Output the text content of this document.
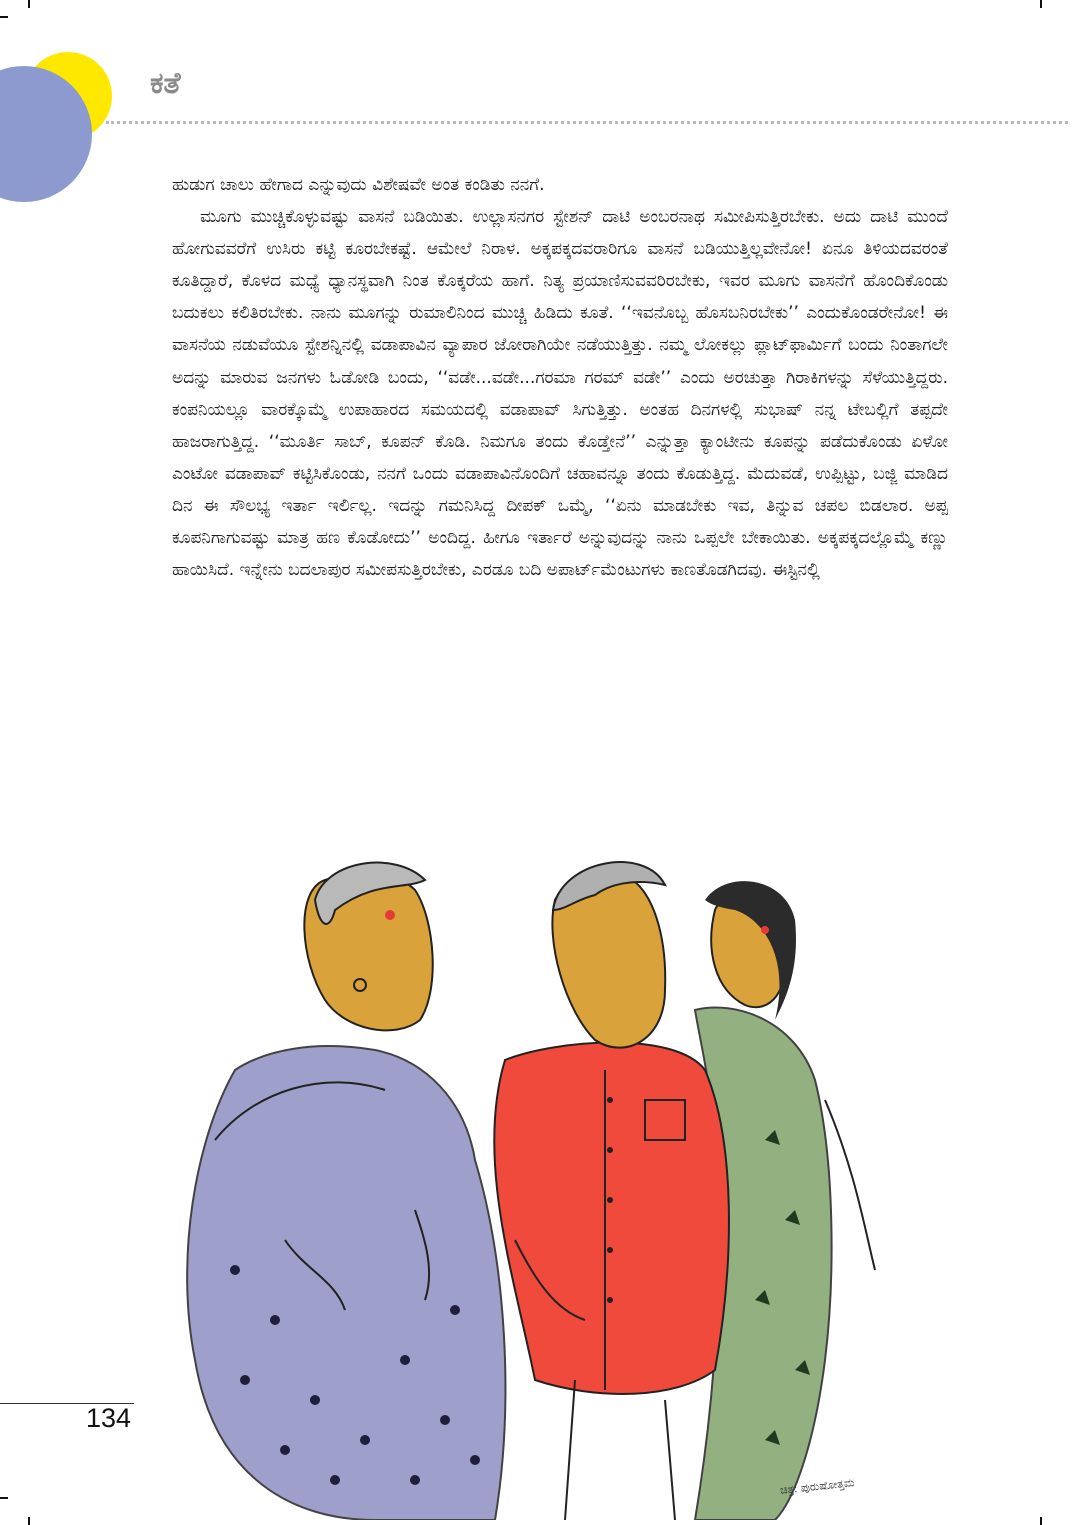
ಕತೆ

ಹುಡುಗ ಚಾಲು ಹೇಗಾದ ಎನ್ನುವುದು ವಿಶೇಷವೇ ಅಂತ ಕಂಡಿತು ನನಗೆ.

ಮೂಗು ಮುಚ್ಚಿಕೊಳ್ಳುವಷ್ಟು ವಾಸನೆ ಬಡಿಯಿತು. ಉಲ್ಲಾಸನಗರ ಸ್ಟೇಶನ್ ದಾಟಿ ಅಂಬರನಾಥ ಸಮೀಪಿಸುತ್ತಿರಬೇಕು. ಅದು ದಾಟಿ ಮುಂದೆ ಹೋಗುವವರೆಗೆ ಉಸಿರು ಕಟ್ಟಿ ಕೂರಬೇಕಷ್ಟೆ. ಆಮೇಲೆ ನಿರಾಳ. ಅಕ್ಕಪಕ್ಕದವರಾರಿಗೂ ವಾಸನೆ ಬಡಿಯುತ್ತಿಲ್ಲವೇನೋ! ಏನೂ ತಿಳಿಯದವರಂತೆ ಕೂತಿದ್ದಾರೆ, ಕೊಳದ ಮಧ್ಯೆ ಧ್ಯಾನಸ್ಥವಾಗಿ ನಿಂತ ಕೊಕ್ಕರೆಯ ಹಾಗೆ. ನಿತ್ಯ ಪ್ರಯಾಣಿಸುವವರಿರಬೇಕು, ಇವರ ಮೂಗು ವಾಸನೆಗೆ ಹೊಂದಿಕೊಂಡು ಬದುಕಲು ಕಲಿತಿರಬೇಕು. ನಾನು ಮೂಗನ್ನು ರುಮಾಲಿನಿಂದ ಮುಚ್ಚಿ ಹಿಡಿದು ಕೂತೆ. ‘‘ಇವನೊಬ್ಬ ಹೊಸಬನಿರಬೇಕು’’ ಎಂದುಕೊಂಡರೇನೋ! ಈ ವಾಸನೆಯ ನಡುವೆಯೂ ಸ್ಟೇಶನ್ನಿನಲ್ಲಿ ವಡಾಪಾವಿನ ವ್ಯಾಪಾರ ಜೋರಾಗಿಯೇ ನಡೆಯುತ್ತಿತ್ತು. ನಮ್ಮ ಲೋಕಲ್ಲು ಪ್ಲಾಟ್‌ಫಾರ್ಮಿಗೆ ಬಂದು ನಿಂತಾಗಲೇ ಅದನ್ನು ಮಾರುವ ಜನಗಳು ಓಡೋಡಿ ಬಂದು, ‘‘ವಡೇ...ವಡೇ...ಗರಮಾ ಗರಮ್ ವಡೇ’’ ಎಂದು ಅರಚುತ್ತಾ ಗಿರಾಕಿಗಳನ್ನು ಸೆಳೆಯುತ್ತಿದ್ದರು. ಕಂಪನಿಯಲ್ಲೂ ವಾರಕ್ಕೊಮ್ಮೆ ಉಪಾಹಾರದ ಸಮಯದಲ್ಲಿ ವಡಾಪಾವ್ ಸಿಗುತ್ತಿತ್ತು. ಅಂತಹ ದಿನಗಳಲ್ಲಿ ಸುಭಾಷ್ ನನ್ನ ಟೇಬಲ್ಲಿಗೆ ತಪ್ಪದೇ ಹಾಜರಾಗುತ್ತಿದ್ದ. ‘‘ಮೂರ್ತಿ ಸಾಬ್, ಕೂಪನ್ ಕೊಡಿ. ನಿಮಗೂ ತಂದು ಕೊಡ್ತೇನೆ’’ ಎನ್ನುತ್ತಾ ಕ್ಯಾಂಟೀನು ಕೂಪನ್ನು ಪಡೆದುಕೊಂಡು ಏಳೋ ಎಂಟೋ ವಡಾಪಾವ್ ಕಟ್ಟಿಸಿಕೊಂಡು, ನನಗೆ ಒಂದು ವಡಾಪಾವಿನೊಂದಿಗೆ ಚಹಾವನ್ನೂ ತಂದು ಕೊಡುತ್ತಿದ್ದ. ಮೆದುವಡೆ, ಉಪ್ಪಿಟ್ಟು, ಬಜ್ಜಿ ಮಾಡಿದ ದಿನ ಈ ಸೌಲಭ್ಯ ಇರ್ತಾ ಇರ್ಲಿಲ್ಲ. ಇದನ್ನು ಗಮನಿಸಿದ್ದ ದೀಪಕ್ ಒಮ್ಮೆ, ‘‘ಏನು ಮಾಡಬೇಕು ಇವ, ತಿನ್ನುವ ಚಪಲ ಬಿಡಲಾರ. ಅಪ್ಪ ಕೂಪನಿಗಾಗುವಷ್ಟು ಮಾತ್ರ ಹಣ ಕೊಡೋದು’’ ಅಂದಿದ್ದ. ಹೀಗೂ ಇರ್ತಾರೆ ಅನ್ನುವುದನ್ನು ನಾನು ಒಪ್ಪಲೇ ಬೇಕಾಯಿತು. ಅಕ್ಕಪಕ್ಕದಲ್ಲೊಮ್ಮೆ ಕಣ್ಣು ಹಾಯಿಸಿದೆ. ಇನ್ನೇನು ಬದಲಾಪುರ ಸಮೀಪಸುತ್ತಿರಬೇಕು, ಎರಡೂ ಬದಿ ಅಪಾರ್ಟ್‌ಮೆಂಟುಗಳು ಕಾಣತೊಡಗಿದವು. ಈಸ್ಟಿನಲ್ಲಿ

ಚಿತ್ರ: ಪುರುಷೋತ್ತಮ
134
